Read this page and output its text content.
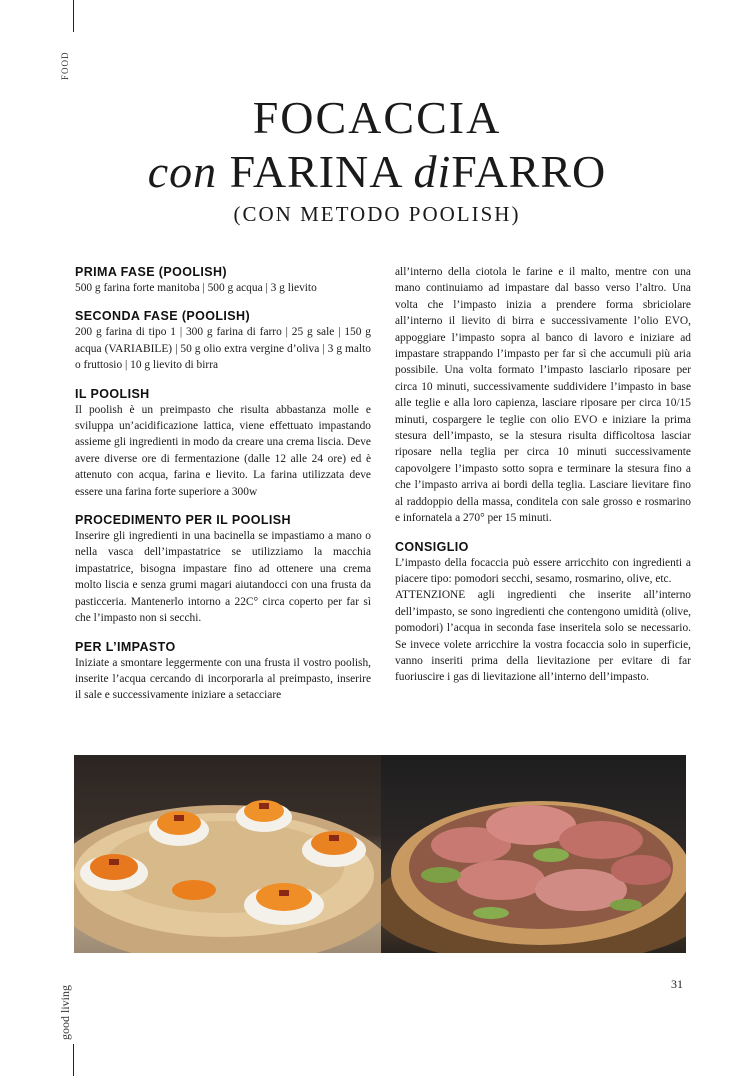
FOOD
good living
FOCACCIA
con FARINA diFARRO
(CON METODO POOLISH)
PRIMA FASE (POOLISH)

500 g farina forte manitoba | 500 g acqua | 3 g lievito

SECONDA FASE (POOLISH)

200 g farina di tipo 1 | 300 g farina di farro | 25 g sale | 150 g acqua (VARIABILE) | 50 g olio extra vergine d’oliva | 3 g malto o fruttosio | 10 g lievito di birra

IL POOLISH

Il poolish è un preimpasto che risulta abbastanza molle e sviluppa un’acidificazione lattica, viene effettuato impastando assieme gli ingredienti in modo da creare una crema liscia. Deve avere diverse ore di fermentazione (dalle 12 alle 24 ore) ed è attenuto con acqua, farina e lievito. La farina utilizzata deve essere una farina forte superiore a 300w

PROCEDIMENTO PER IL POOLISH

Inserire gli ingredienti in una bacinella se impastiamo a mano o nella vasca dell’impastatrice se utilizziamo la macchia impastatrice, bisogna impastare fino ad ottenere una crema molto liscia e senza grumi magari aiutandocci con una frusta da pasticceria. Mantenerlo intorno a 22C° circa coperto per far sì che l’impasto non si secchi.

PER L’IMPASTO

Iniziate a smontare leggermente con una frusta il vostro poolish, inserite l’acqua cercando di incorporarla al preimpasto, inserire il sale e successivamente iniziare a setacciare

all’interno della ciotola le farine e il malto, mentre con una mano continuiamo ad impastare dal basso verso l’altro. Una volta che l’impasto inizia a prendere forma sbriciolare all’interno il lievito di birra e successivamente l’olio EVO, appoggiare l’impasto sopra al banco di lavoro e iniziare ad impastare strappando l’impasto per far sì che accumuli più aria possibile. Una volta formato l’impasto lasciarlo riposare per circa 10 minuti, successivamente suddividere l’impasto in base alle teglie e alla loro capienza, lasciare riposare per circa 10/15 minuti, cospargere le teglie con olio EVO e iniziare la prima stesura dell’impasto, se la stesura risulta difficoltosa lasciar riposare nella teglia per circa 10 minuti successivamente capovolgere l’impasto sotto sopra e terminare la stesura fino a che l’impasto arriva ai bordi della teglia. Lasciare lievitare fino al raddoppio della massa, conditela con sale grosso e rosmarino e infornatela a 270° per 15 minuti.

CONSIGLIO

L’impasto della focaccia può essere arricchito con ingredienti a piacere tipo: pomodori secchi, sesamo, rosmarino, olive, etc.

ATTENZIONE agli ingredienti che inserite all’interno dell’impasto, se sono ingredienti che contengono umidità (olive, pomodori) l’acqua in seconda fase inseritela solo se necessario. Se invece volete arricchire la vostra focaccia solo in superficie, vanno inseriti prima della lievitazione per evitare di far fuoriuscire i gas di lievitazione all’interno dell’impasto.

31
